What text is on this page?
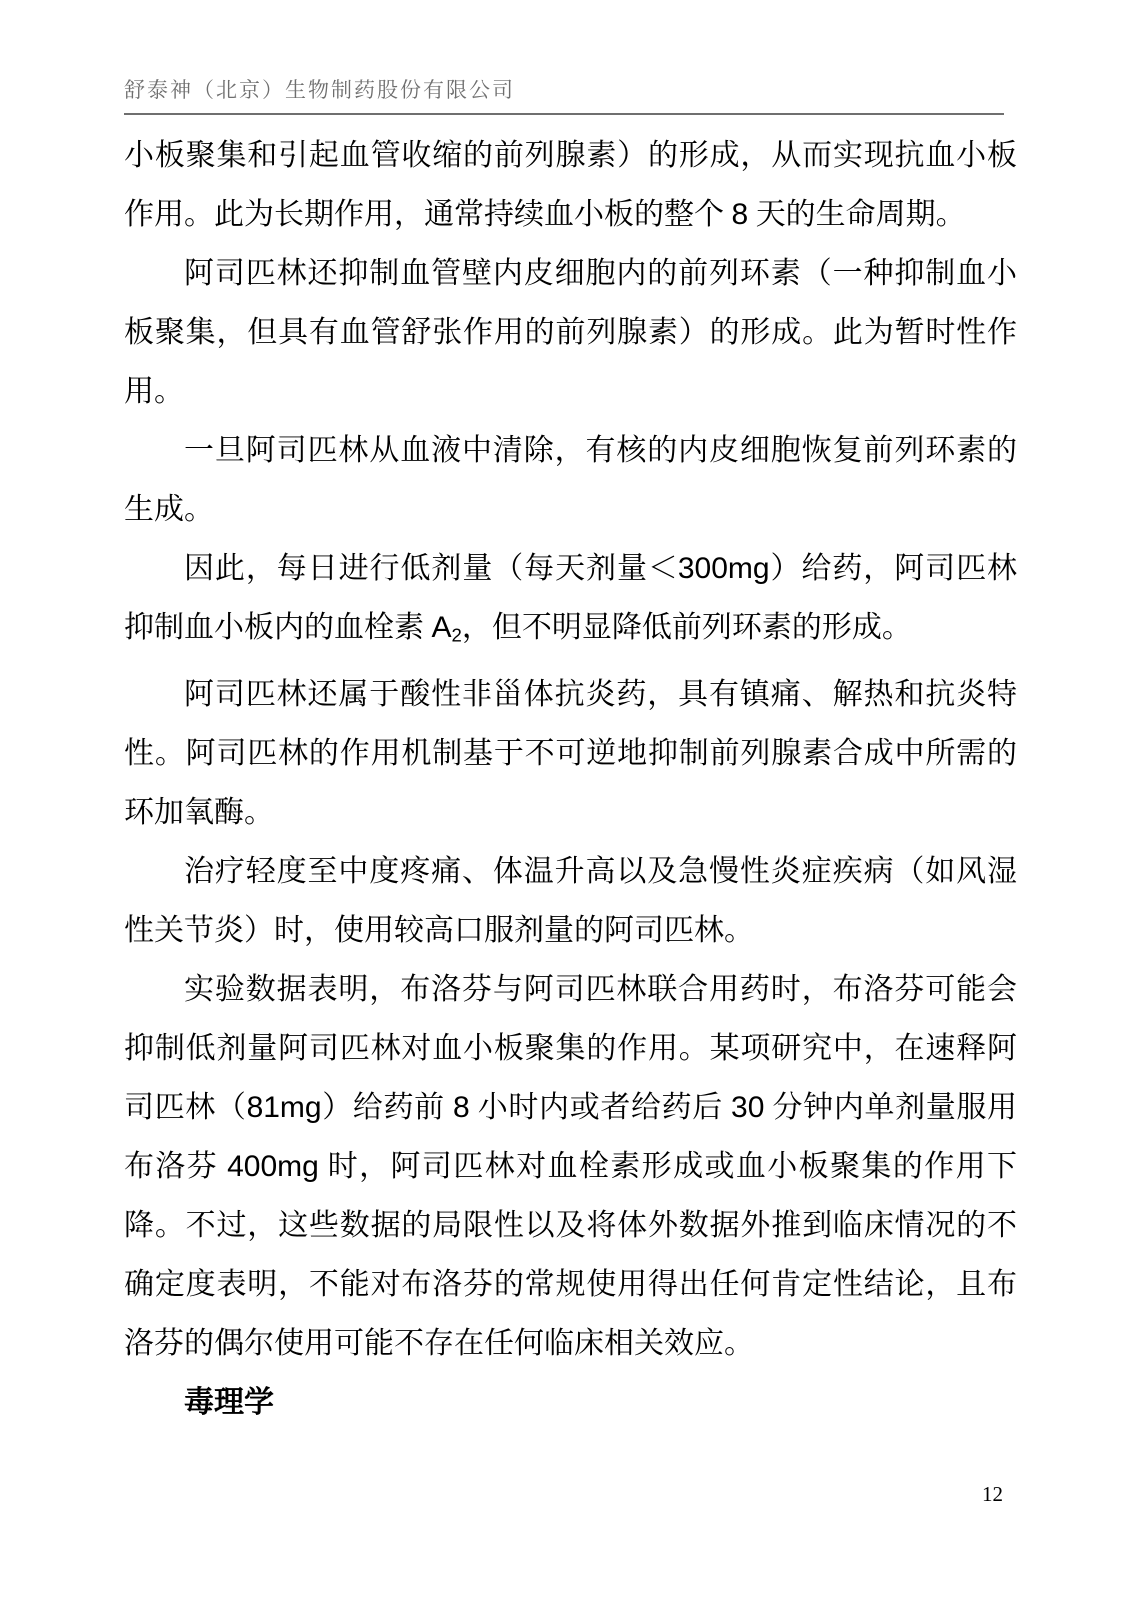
舒泰神（北京）生物制药股份有限公司

小板聚集和引起血管收缩的前列腺素）的形成，从而实现抗血小板作用。此为长期作用，通常持续血小板的整个 8 天的生命周期。

阿司匹林还抑制血管壁内皮细胞内的前列环素（一种抑制血小板聚集，但具有血管舒张作用的前列腺素）的形成。此为暂时性作用。

一旦阿司匹林从血液中清除，有核的内皮细胞恢复前列环素的生成。

因此，每日进行低剂量（每天剂量＜300mg）给药，阿司匹林抑制血小板内的血栓素 $A_2$，但不明显降低前列环素的形成。

阿司匹林还属于酸性非甾体抗炎药，具有镇痛、解热和抗炎特性。阿司匹林的作用机制基于不可逆地抑制前列腺素合成中所需的环加氧酶。

治疗轻度至中度疼痛、体温升高以及急慢性炎症疾病（如风湿性关节炎）时，使用较高口服剂量的阿司匹林。

实验数据表明，布洛芬与阿司匹林联合用药时，布洛芬可能会抑制低剂量阿司匹林对血小板聚集的作用。某项研究中，在速释阿司匹林（81mg）给药前 8 小时内或者给药后 30 分钟内单剂量服用布洛芬 400mg 时，阿司匹林对血栓素形成或血小板聚集的作用下降。不过，这些数据的局限性以及将体外数据外推到临床情况的不确定度表明，不能对布洛芬的常规使用得出任何肯定性结论，且布洛芬的偶尔使用可能不存在任何临床相关效应。

毒理学

12
